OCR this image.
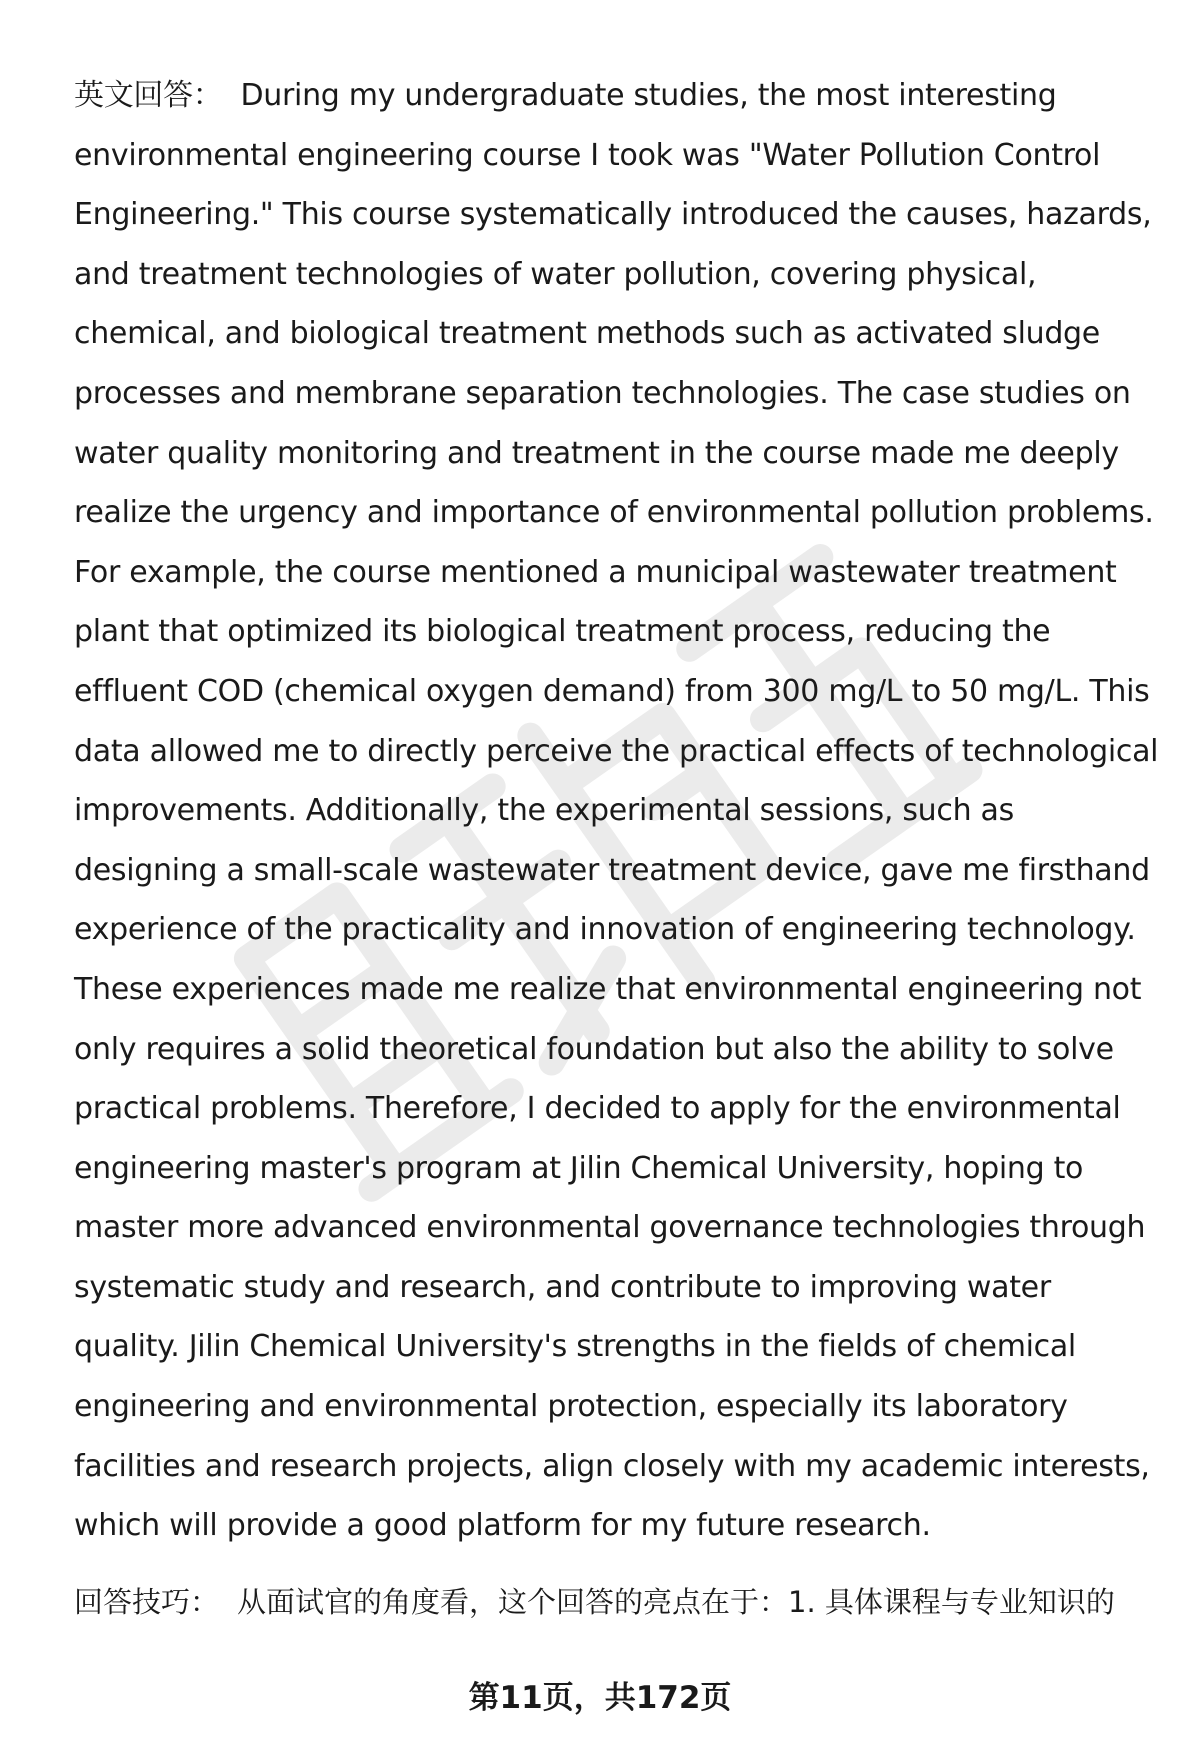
英文回答： During my undergraduate studies, the most interesting environmental engineering course I took was "Water Pollution Control Engineering." This course systematically introduced the causes, hazards, and treatment technologies of water pollution, covering physical, chemical, and biological treatment methods such as activated sludge processes and membrane separation technologies. The case studies on water quality monitoring and treatment in the course made me deeply realize the urgency and importance of environmental pollution problems. For example, the course mentioned a municipal wastewater treatment plant that optimized its biological treatment process, reducing the effluent COD (chemical oxygen demand) from 300 mg/L to 50 mg/L. This data allowed me to directly perceive the practical effects of technological improvements. Additionally, the experimental sessions, such as designing a small-scale wastewater treatment device, gave me firsthand experience of the practicality and innovation of engineering technology. These experiences made me realize that environmental engineering not only requires a solid theoretical foundation but also the ability to solve practical problems. Therefore, I decided to apply for the environmental engineering master's program at Jilin Chemical University, hoping to master more advanced environmental governance technologies through systematic study and research, and contribute to improving water quality. Jilin Chemical University's strengths in the fields of chemical engineering and environmental protection, especially its laboratory facilities and research projects, align closely with my academic interests, which will provide a good platform for my future research.

回答技巧： 从面试官的角度看，这个回答的亮点在于：1. 具体课程与专业知识的

第11页，共172页
